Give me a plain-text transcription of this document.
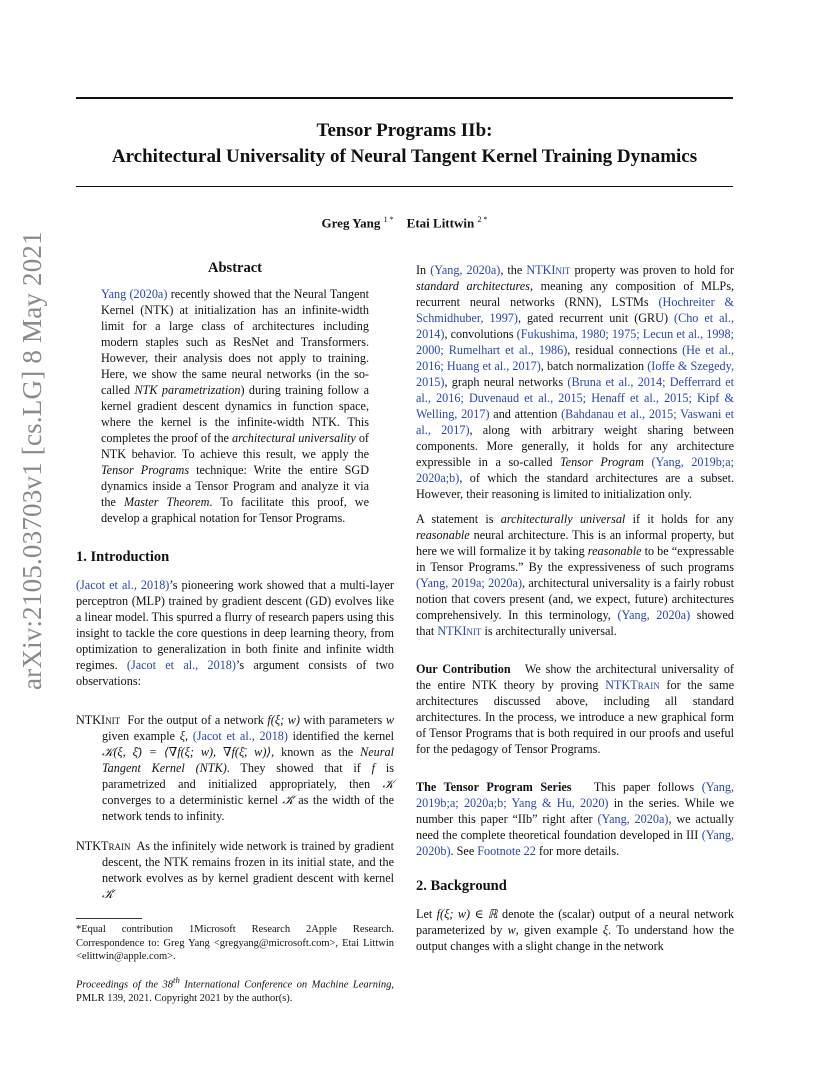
Tensor Programs IIb:
Architectural Universality of Neural Tangent Kernel Training Dynamics
Greg Yang $^{1 *}$ Etai Littwin $^{2 *}$
arXiv:2105.03703v1 [cs.LG] 8 May 2021	Abstract

Yang (2020a) recently showed that the Neural Tangent Kernel (NTK) at initialization has an infinite-width limit for a large class of architectures including modern staples such as ResNet and Transformers. However, their analysis does not apply to training. Here, we show the same neural networks (in the so-called NTK parametrization) during training follow a kernel gradient descent dynamics in function space, where the kernel is the infinite-width NTK. This completes the proof of the architectural universality of NTK behavior. To achieve this result, we apply the Tensor Programs technique: Write the entire SGD dynamics inside a Tensor Program and analyze it via the Master Theorem. To facilitate this proof, we develop a graphical notation for Tensor Programs.

1. Introduction

(Jacot et al., 2018)’s pioneering work showed that a multi-layer perceptron (MLP) trained by gradient descent (GD) evolves like a linear model. This spurred a flurry of research papers using this insight to tackle the core questions in deep learning theory, from optimization to generalization in both finite and infinite width regimes. (Jacot et al., 2018)’s argument consists of two observations:

NTKInit For the output of a network f(ξ; w) with parameters w given example ξ, (Jacot et al., 2018) identified the kernel 𝒦(ξ, ξ̄) = ⟨∇f(ξ; w), ∇f(ξ̄, w)⟩, known as the Neural Tangent Kernel (NTK). They showed that if f is parametrized and initialized appropriately, then 𝒦 converges to a deterministic kernel 𝒦̊ as the width of the network tends to infinity.

NTKTrain As the infinitely wide network is trained by gradient descent, the NTK remains frozen in its initial state, and the network evolves as by kernel gradient descent with kernel 𝒦̊

*Equal contribution 1Microsoft Research 2Apple Research. Correspondence to: Greg Yang <gregyang@microsoft.com>, Etai Littwin <elittwin@apple.com>.

Proceedings of the 38th International Conference on Machine Learning, PMLR 139, 2021. Copyright 2021 by the author(s).

In (Yang, 2020a), the NTKInit property was proven to hold for standard architectures, meaning any composition of MLPs, recurrent neural networks (RNN), LSTMs (Hochreiter & Schmidhuber, 1997), gated recurrent unit (GRU) (Cho et al., 2014), convolutions (Fukushima, 1980; 1975; Lecun et al., 1998; 2000; Rumelhart et al., 1986), residual connections (He et al., 2016; Huang et al., 2017), batch normalization (Ioffe & Szegedy, 2015), graph neural networks (Bruna et al., 2014; Defferrard et al., 2016; Duvenaud et al., 2015; Henaff et al., 2015; Kipf & Welling, 2017) and attention (Bahdanau et al., 2015; Vaswani et al., 2017), along with arbitrary weight sharing between components. More generally, it holds for any architecture expressible in a so-called Tensor Program (Yang, 2019b;a; 2020a;b), of which the standard architectures are a subset. However, their reasoning is limited to initialization only.

A statement is architecturally universal if it holds for any reasonable neural architecture. This is an informal property, but here we will formalize it by taking reasonable to be “expressable in Tensor Programs.” By the expressiveness of such programs (Yang, 2019a; 2020a), architectural universality is a fairly robust notion that covers present (and, we expect, future) architectures comprehensively. In this terminology, (Yang, 2020a) showed that NTKInit is architecturally universal.

Our Contribution We show the architectural universality of the entire NTK theory by proving NTKTrain for the same architectures discussed above, including all standard architectures. In the process, we introduce a new graphical form of Tensor Programs that is both required in our proofs and useful for the pedagogy of Tensor Programs.

The Tensor Program Series This paper follows (Yang, 2019b;a; 2020a;b; Yang & Hu, 2020) in the series. While we number this paper “IIb” right after (Yang, 2020a), we actually need the complete theoretical foundation developed in III (Yang, 2020b). See Footnote 22 for more details.

2. Background

Let f(ξ; w) ∈ ℝ denote the (scalar) output of a neural network parameterized by w, given example ξ. To understand how the output changes with a slight change in the network
